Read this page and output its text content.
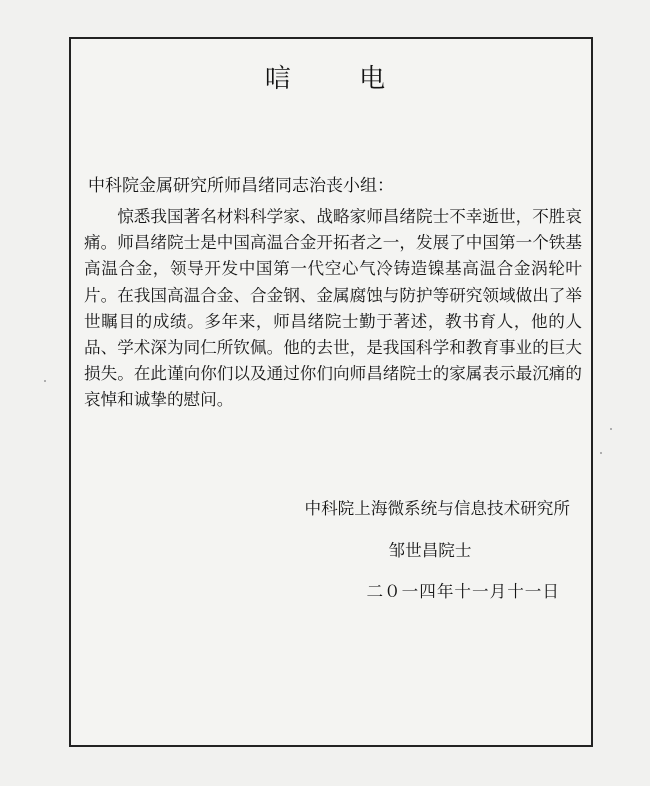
唁 电
中科院金属研究所师昌绪同志治丧小组：

惊悉我国著名材料科学家、战略家师昌绪院士不幸逝世，不胜哀痛。师昌绪院士是中国高温合金开拓者之一，发展了中国第一个铁基高温合金，领导开发中国第一代空心气冷铸造镍基高温合金涡轮叶片。在我国高温合金、合金钢、金属腐蚀与防护等研究领域做出了举世瞩目的成绩。多年来，师昌绪院士勤于著述，教书育人，他的人品、学术深为同仁所钦佩。他的去世，是我国科学和教育事业的巨大损失。在此谨向你们以及通过你们向师昌绪院士的家属表示最沉痛的哀悼和诚挚的慰问。

中科院上海微系统与信息技术研究所
邹世昌院士
二０一四年十一月十一日
